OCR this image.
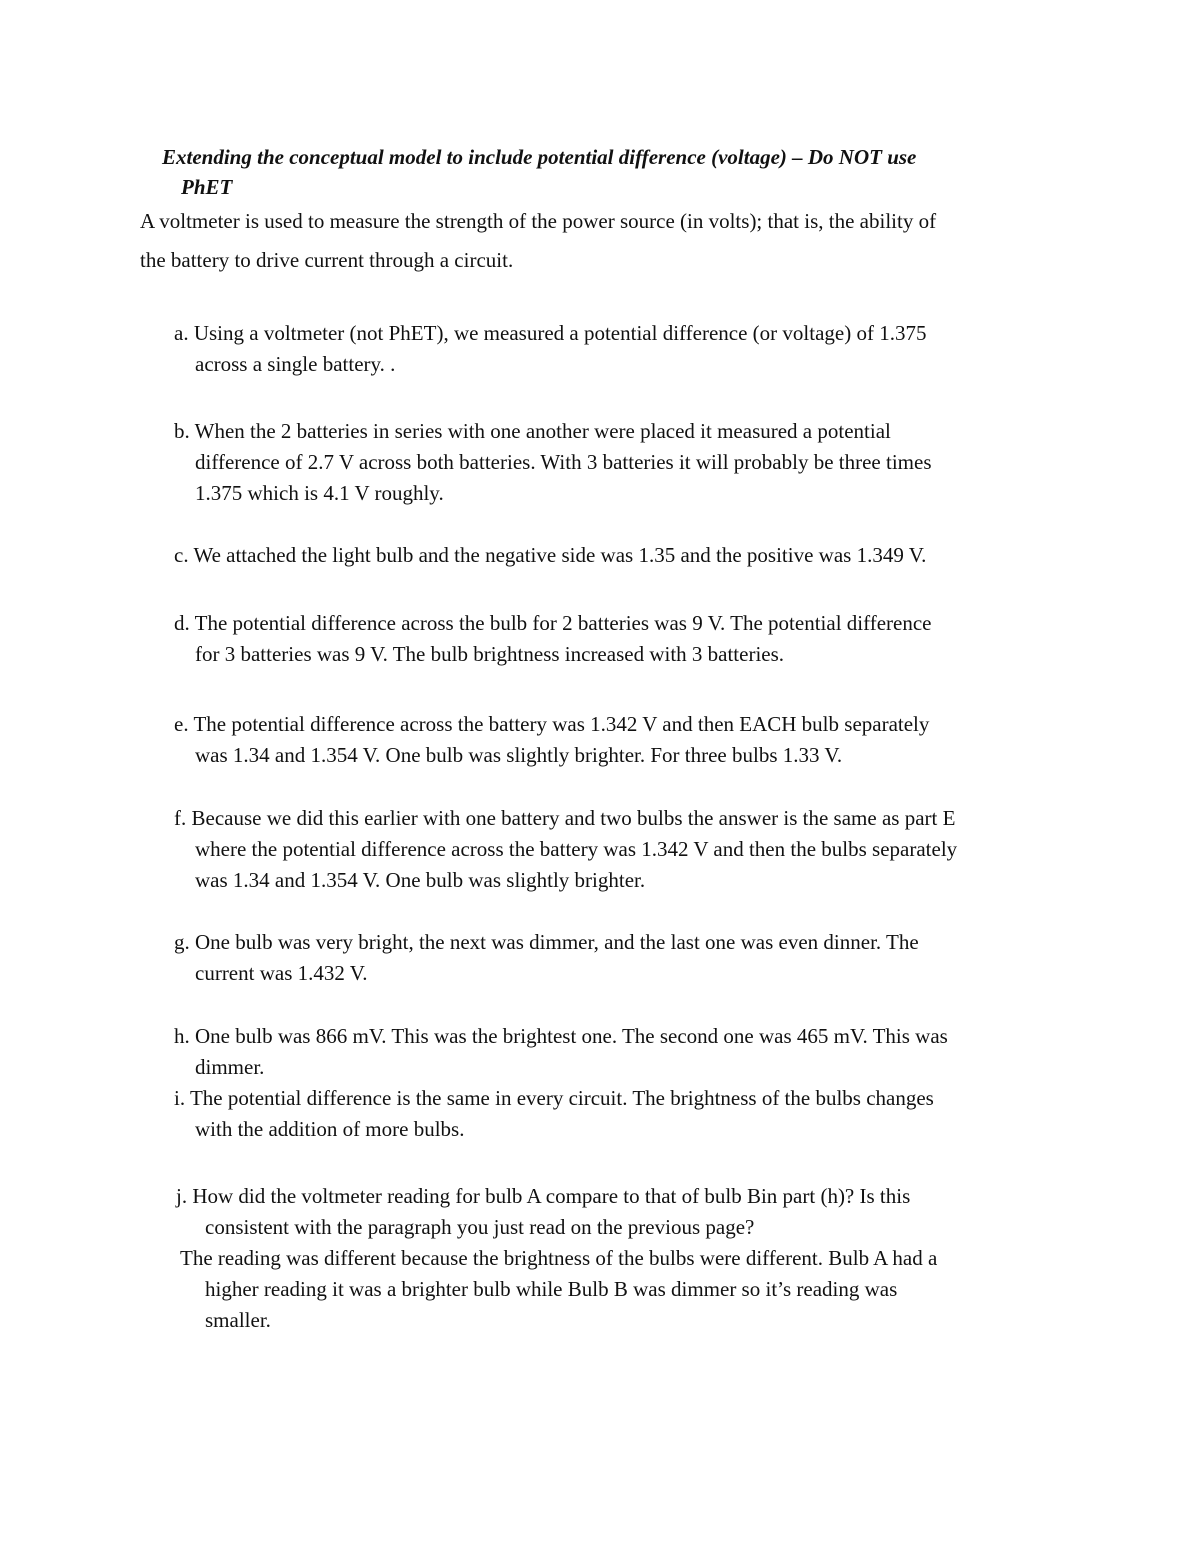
Extending the conceptual model to include potential difference (voltage) – Do NOT use
PhET

A voltmeter is used to measure the strength of the power source (in volts); that is, the ability of
the battery to drive current through a circuit.

a. Using a voltmeter (not PhET), we measured a potential difference (or voltage) of 1.375
across a single battery. .

b. When the 2 batteries in series with one another were placed it measured a potential
difference of 2.7 V across both batteries. With 3 batteries it will probably be three times
1.375 which is 4.1 V roughly.

c. We attached the light bulb and the negative side was 1.35 and the positive was 1.349 V.

d. The potential difference across the bulb for 2 batteries was 9 V. The potential difference
for 3 batteries was 9 V. The bulb brightness increased with 3 batteries.

e. The potential difference across the battery was 1.342 V and then EACH bulb separately
was 1.34 and 1.354 V. One bulb was slightly brighter. For three bulbs 1.33 V.

f. Because we did this earlier with one battery and two bulbs the answer is the same as part E
where the potential difference across the battery was 1.342 V and then the bulbs separately
was 1.34 and 1.354 V. One bulb was slightly brighter.

g. One bulb was very bright, the next was dimmer, and the last one was even dinner. The
current was 1.432 V.

h. One bulb was 866 mV. This was the brightest one. The second one was 465 mV. This was
dimmer.

i. The potential difference is the same in every circuit. The brightness of the bulbs changes
with the addition of more bulbs.

j. How did the voltmeter reading for bulb A compare to that of bulb Bin part (h)? Is this
consistent with the paragraph you just read on the previous page?

The reading was different because the brightness of the bulbs were different. Bulb A had a
higher reading it was a brighter bulb while Bulb B was dimmer so it’s reading was
smaller.
